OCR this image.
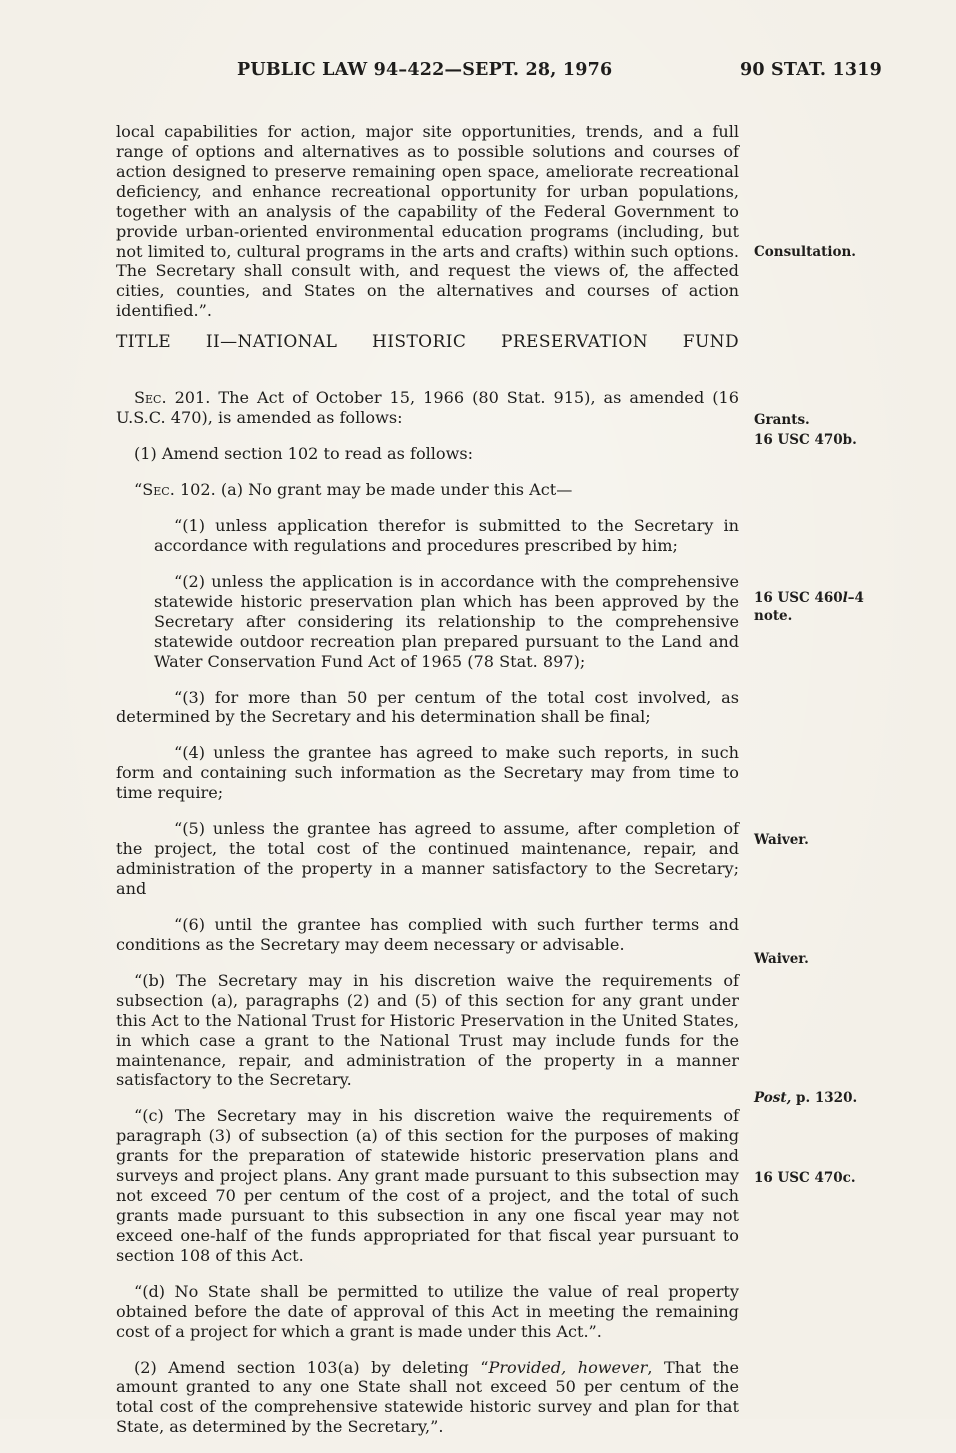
PUBLIC LAW 94–422—SEPT. 28, 1976	90 STAT. 1319

local capabilities for action, major site opportunities, trends, and a full range of options and alternatives as to possible solutions and courses of action designed to preserve remaining open space, ameliorate recreational deficiency, and enhance recreational opportunity for urban populations, together with an analysis of the capability of the Federal Government to provide urban-oriented environmental education programs (including, but not limited to, cultural programs in the arts and crafts) within such options. The Secretary shall consult with, and request the views of, the affected cities, counties, and States on the alternatives and courses of action identified.”.

TITLE II—NATIONAL HISTORIC PRESERVATION FUND

Sec. 201. The Act of October 15, 1966 (80 Stat. 915), as amended (16 U.S.C. 470), is amended as follows:

(1) Amend section 102 to read as follows:

“Sec. 102. (a) No grant may be made under this Act—

“(1) unless application therefor is submitted to the Secretary in accordance with regulations and procedures prescribed by him;

“(2) unless the application is in accordance with the comprehensive statewide historic preservation plan which has been approved by the Secretary after considering its relationship to the comprehensive statewide outdoor recreation plan prepared pursuant to the Land and Water Conservation Fund Act of 1965 (78 Stat. 897);

“(3) for more than 50 per centum of the total cost involved, as determined by the Secretary and his determination shall be final;

“(4) unless the grantee has agreed to make such reports, in such form and containing such information as the Secretary may from time to time require;

“(5) unless the grantee has agreed to assume, after completion of the project, the total cost of the continued maintenance, repair, and administration of the property in a manner satisfactory to the Secretary; and

“(6) until the grantee has complied with such further terms and conditions as the Secretary may deem necessary or advisable.

“(b) The Secretary may in his discretion waive the requirements of subsection (a), paragraphs (2) and (5) of this section for any grant under this Act to the National Trust for Historic Preservation in the United States, in which case a grant to the National Trust may include funds for the maintenance, repair, and administration of the property in a manner satisfactory to the Secretary.

“(c) The Secretary may in his discretion waive the requirements of paragraph (3) of subsection (a) of this section for the purposes of making grants for the preparation of statewide historic preservation plans and surveys and project plans. Any grant made pursuant to this subsection may not exceed 70 per centum of the cost of a project, and the total of such grants made pursuant to this subsection in any one fiscal year may not exceed one-half of the funds appropriated for that fiscal year pursuant to section 108 of this Act.

“(d) No State shall be permitted to utilize the value of real property obtained before the date of approval of this Act in meeting the remaining cost of a project for which a grant is made under this Act.”.

(2) Amend section 103(a) by deleting “Provided, however, That the amount granted to any one State shall not exceed 50 per centum of the total cost of the comprehensive statewide historic survey and plan for that State, as determined by the Secretary,”.

Consultation.
Grants.
16 USC 470b.
16 USC 460l–4
note.
Waiver.
Waiver.
Post, p. 1320.
16 USC 470c.
